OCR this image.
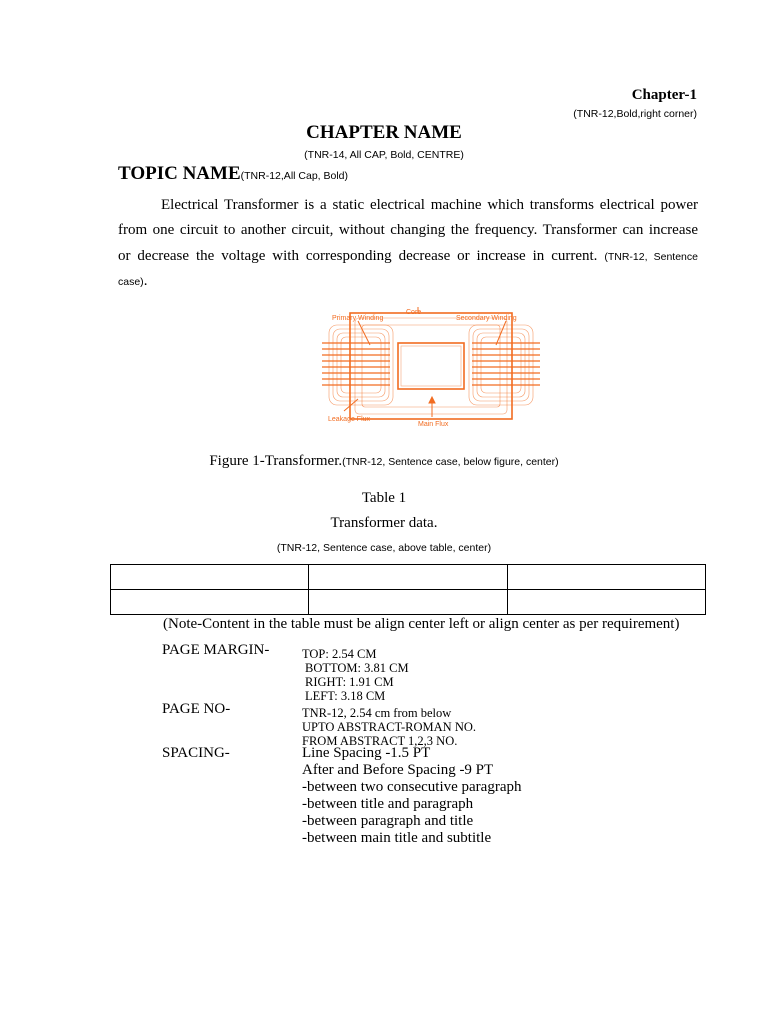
Chapter-1
(TNR-12,Bold,right corner)
CHAPTER NAME
(TNR-14, All CAP, Bold, CENTRE)
TOPIC NAME(TNR-12,All Cap, Bold)
Electrical Transformer is a static electrical machine which transforms electrical power
from one circuit to another circuit, without changing the frequency. Transformer can increase
or decrease the voltage with corresponding decrease or increase in current. (TNR-12, Sentence
case).
Core
Primary Winding	Secondary Winding
Leakage Flux
Main Flux
Figure 1-Transformer.(TNR-12, Sentence case, below figure, center)
Table 1
Transformer data.
(TNR-12, Sentence case, above table, center)

(Note-Content in the table must be align center left or align center as per requirement)
PAGE MARGIN-	TOP: 2.54 CM
BOTTOM: 3.81 CM
RIGHT: 1.91 CM
LEFT: 3.18 CM
PAGE NO-	TNR-12, 2.54 cm from below
UPTO ABSTRACT-ROMAN NO.
FROM ABSTRACT 1,2,3 NO.
SPACING-	Line Spacing -1.5 PT
After and Before Spacing -9 PT
-between two consecutive paragraph
-between title and paragraph
-between paragraph and title
-between main title and subtitle
